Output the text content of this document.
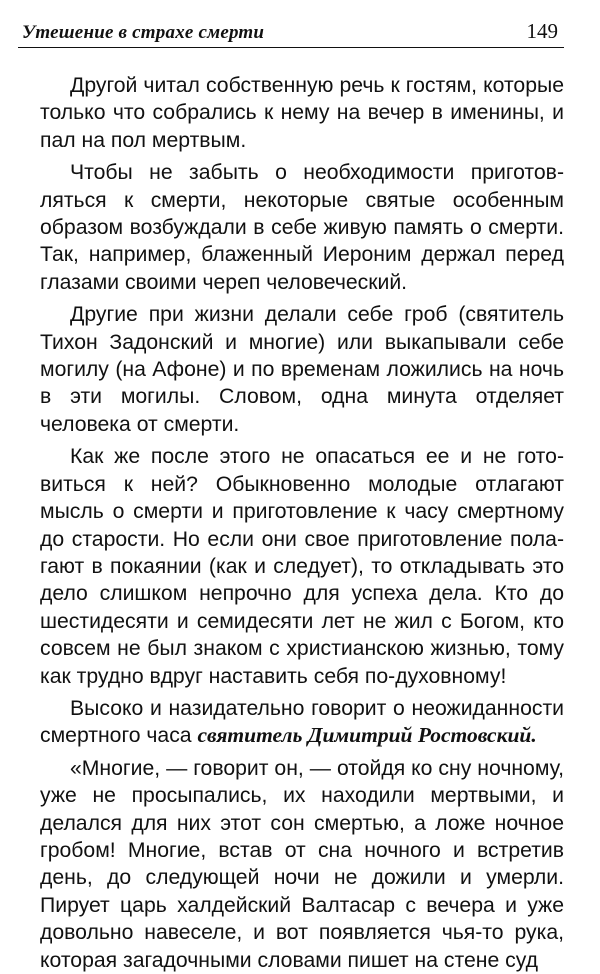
Утешение в страхе смерти	149

Другой читал собственную речь к гостям, которые только что собрались к нему на вечер в именины, и пал на пол мертвым.

Чтобы не забыть о необходимости приготовляться к смерти, некоторые святые особенным образом возбуждали в себе живую память о смерти. Так, например, блаженный Иероним держал перед глазами своими череп человеческий.

Другие при жизни делали себе гроб (святитель Тихон Задонский и многие) или выкапывали себе могилу (на Афоне) и по временам ложились на ночь в эти могилы. Словом, одна минута отделяет человека от смерти.

Как же после этого не опасаться ее и не готовиться к ней? Обыкновенно молодые отлагают мысль о смерти и приготовление к часу смертному до старости. Но если они свое приготовление полагают в покаянии (как и следует), то откладывать это дело слишком непрочно для успеха дела. Кто до шестидесяти и семидесяти лет не жил с Богом, кто совсем не был знаком с христианскою жизнью, тому как трудно вдруг наставить себя по-духовному!

Высоко и назидательно говорит о неожиданности смертного часа святитель Димитрий Ростовский.

«Многие, — говорит он, — отойдя ко сну ночному, уже не просыпались, их находили мертвыми, и делался для них этот сон смертью, а ложе ночное гробом! Многие, встав от сна ночного и встретив день, до следующей ночи не дожили и умерли. Пирует царь халдейский Валтасар с вечера и уже довольно навеселе, и вот появляется чья-то рука, которая загадочными словами пишет на стене суд
